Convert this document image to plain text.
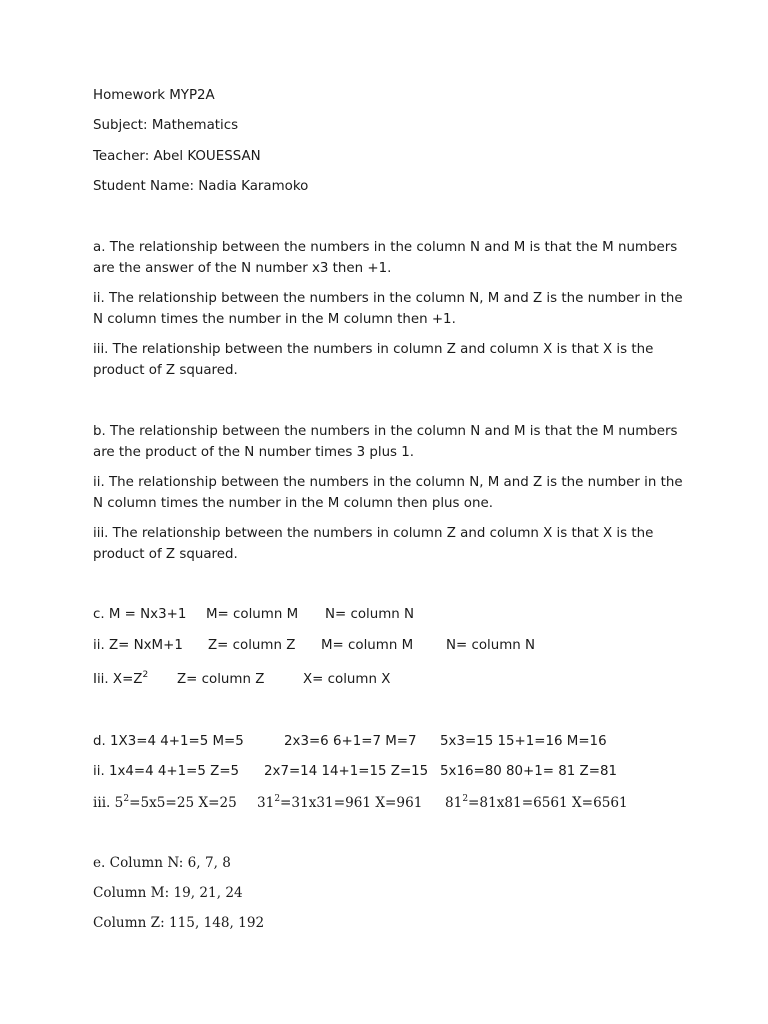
Homework MYP2A
Subject: Mathematics
Teacher: Abel KOUESSAN
Student Name: Nadia Karamoko
a. The relationship between the numbers in the column N and M is that the M numbers are the answer of the N number x3 then +1.
ii. The relationship between the numbers in the column N, M and Z is the number in the N column times the number in the M column then +1.
iii. The relationship between the numbers in column Z and column X is that X is the product of Z squared.
b. The relationship between the numbers in the column N and M is that the M numbers are the product of the N number times 3 plus 1.
ii. The relationship between the numbers in the column N, M and Z is the number in the N column times the number in the M column then plus one.
iii. The relationship between the numbers in column Z and column X is that X is the product of Z squared.
c. M = Nx3+1 M= column M N= column N
ii. Z= NxM+1 Z= column Z M= column M N= column N
Iii. $X=Z^2$ Z= column Z	X= column X
d. 1X3=4 4+1=5 M=5	2x3=6 6+1=7 M=7 5x3=15 15+1=16 M=16
ii. 1x4=4 4+1=5 Z=5 2x7=14 14+1=15 Z=15 5x16=80 80+1= 81 Z=81
iii. $5^2=5x5=25$ X=25 $31^2=31x31=961$ X=961 $81^2=81x81=6561$ X=6561
e. Column N: 6, 7, 8
Column M: 19, 21, 24
Column Z: 115, 148, 192
